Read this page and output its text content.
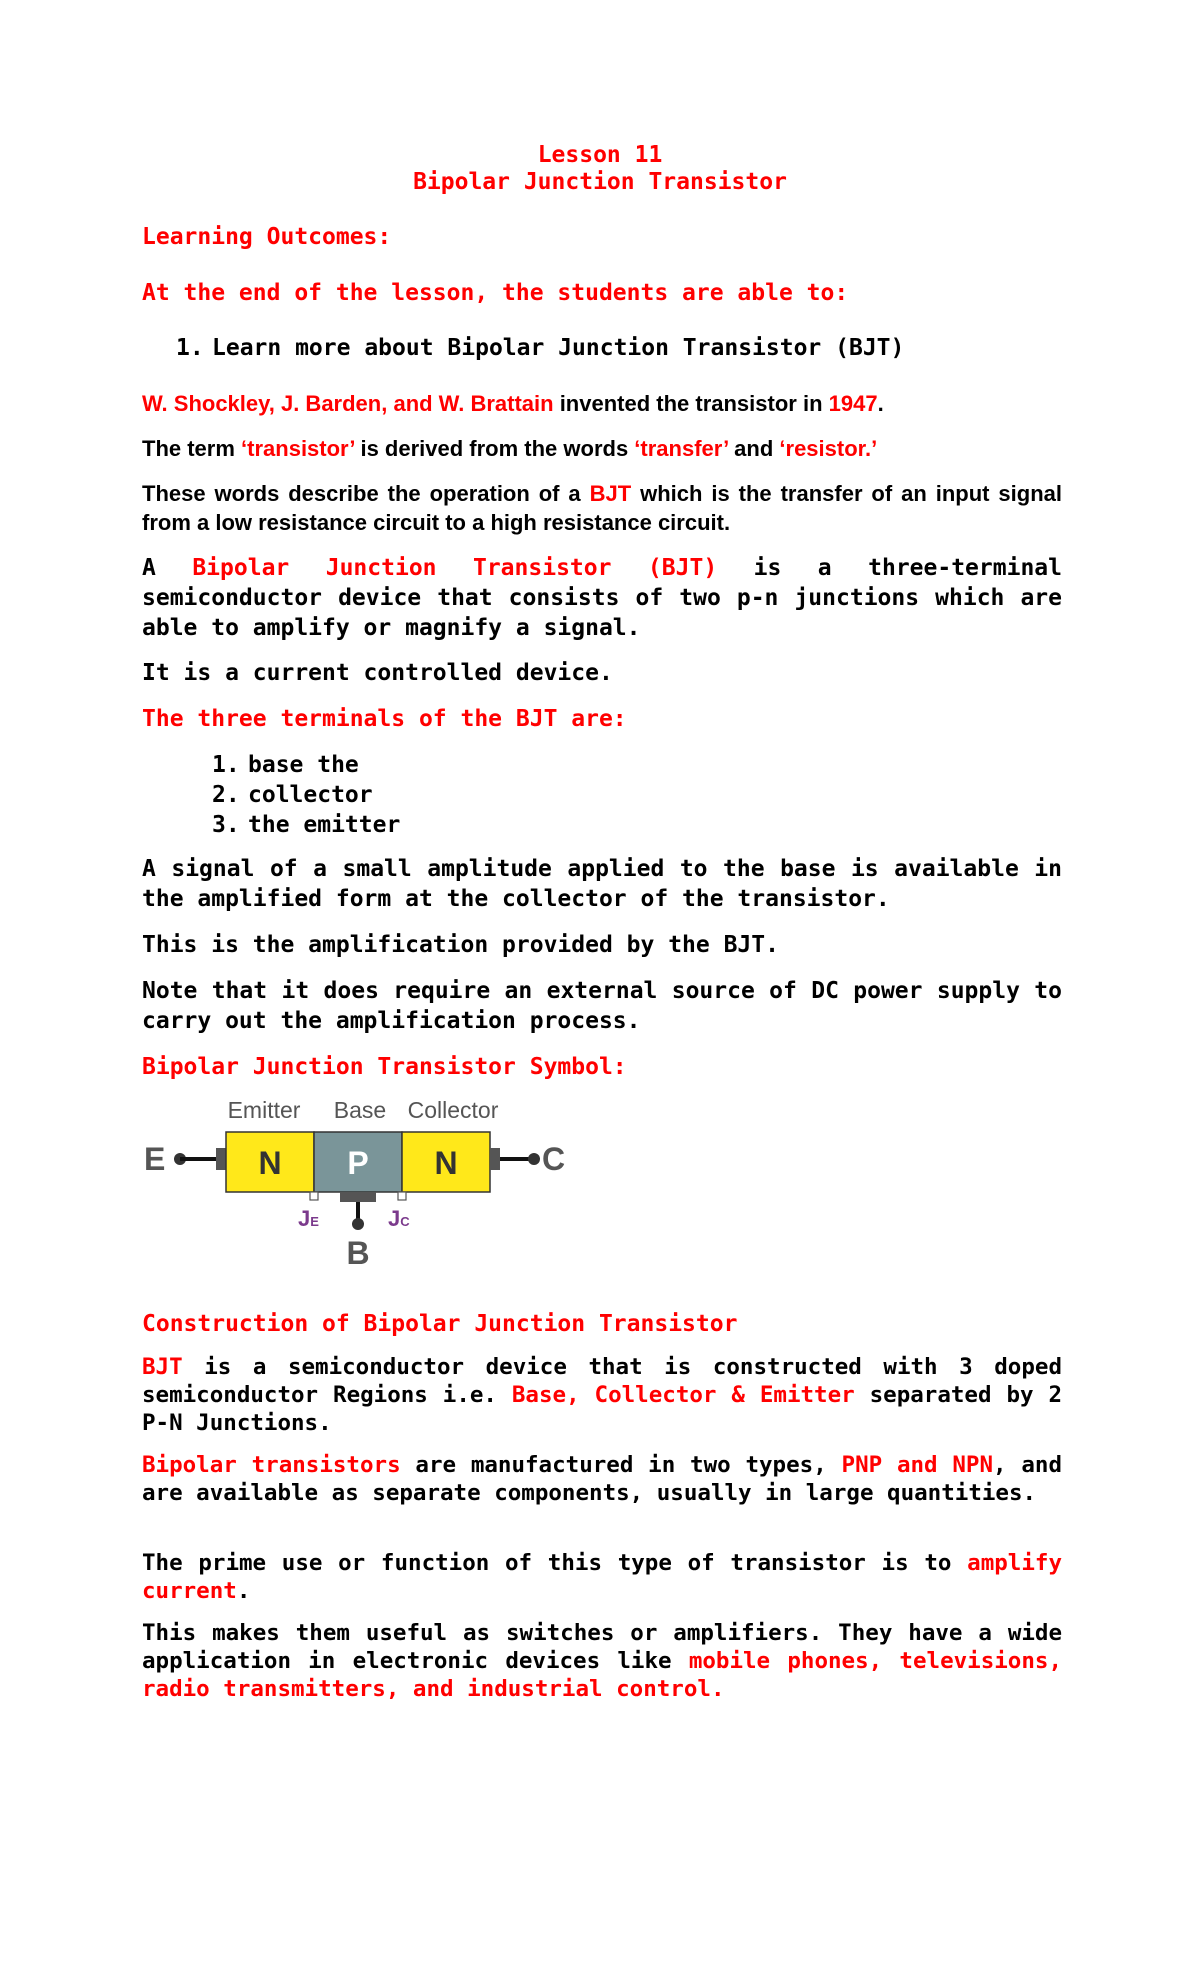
Lesson 11
Bipolar Junction Transistor
Learning Outcomes:
At the end of the lesson, the students are able to:
1. Learn more about Bipolar Junction Transistor (BJT)
W. Shockley, J. Barden, and W. Brattain invented the transistor in 1947.
The term ‘transistor’ is derived from the words ‘transfer’ and ‘resistor.’
These words describe the operation of a BJT which is the transfer of an input signal from a low resistance circuit to a high resistance circuit.
A Bipolar Junction Transistor (BJT) is a three-terminal semiconductor device that consists of two p-n junctions which are able to amplify or magnify a signal.
It is a current controlled device.
The three terminals of the BJT are:
1. base the
2. collector
3. the emitter
A signal of a small amplitude applied to the base is available in the amplified form at the collector of the transistor.
This is the amplification provided by the BJT.
Note that it does require an external source of DC power supply to carry out the amplification process.
Bipolar Junction Transistor Symbol:
Emitter Base Collector
E	N P N	C
B
JE	JC
Construction of Bipolar Junction Transistor
BJT is a semiconductor device that is constructed with 3 doped semiconductor Regions i.e. Base, Collector & Emitter separated by 2 P-N Junctions.
Bipolar transistors are manufactured in two types, PNP and NPN, and are available as separate components, usually in large quantities.
The prime use or function of this type of transistor is to amplify current.
This makes them useful as switches or amplifiers. They have a wide application in electronic devices like mobile phones, televisions, radio transmitters, and industrial control.
